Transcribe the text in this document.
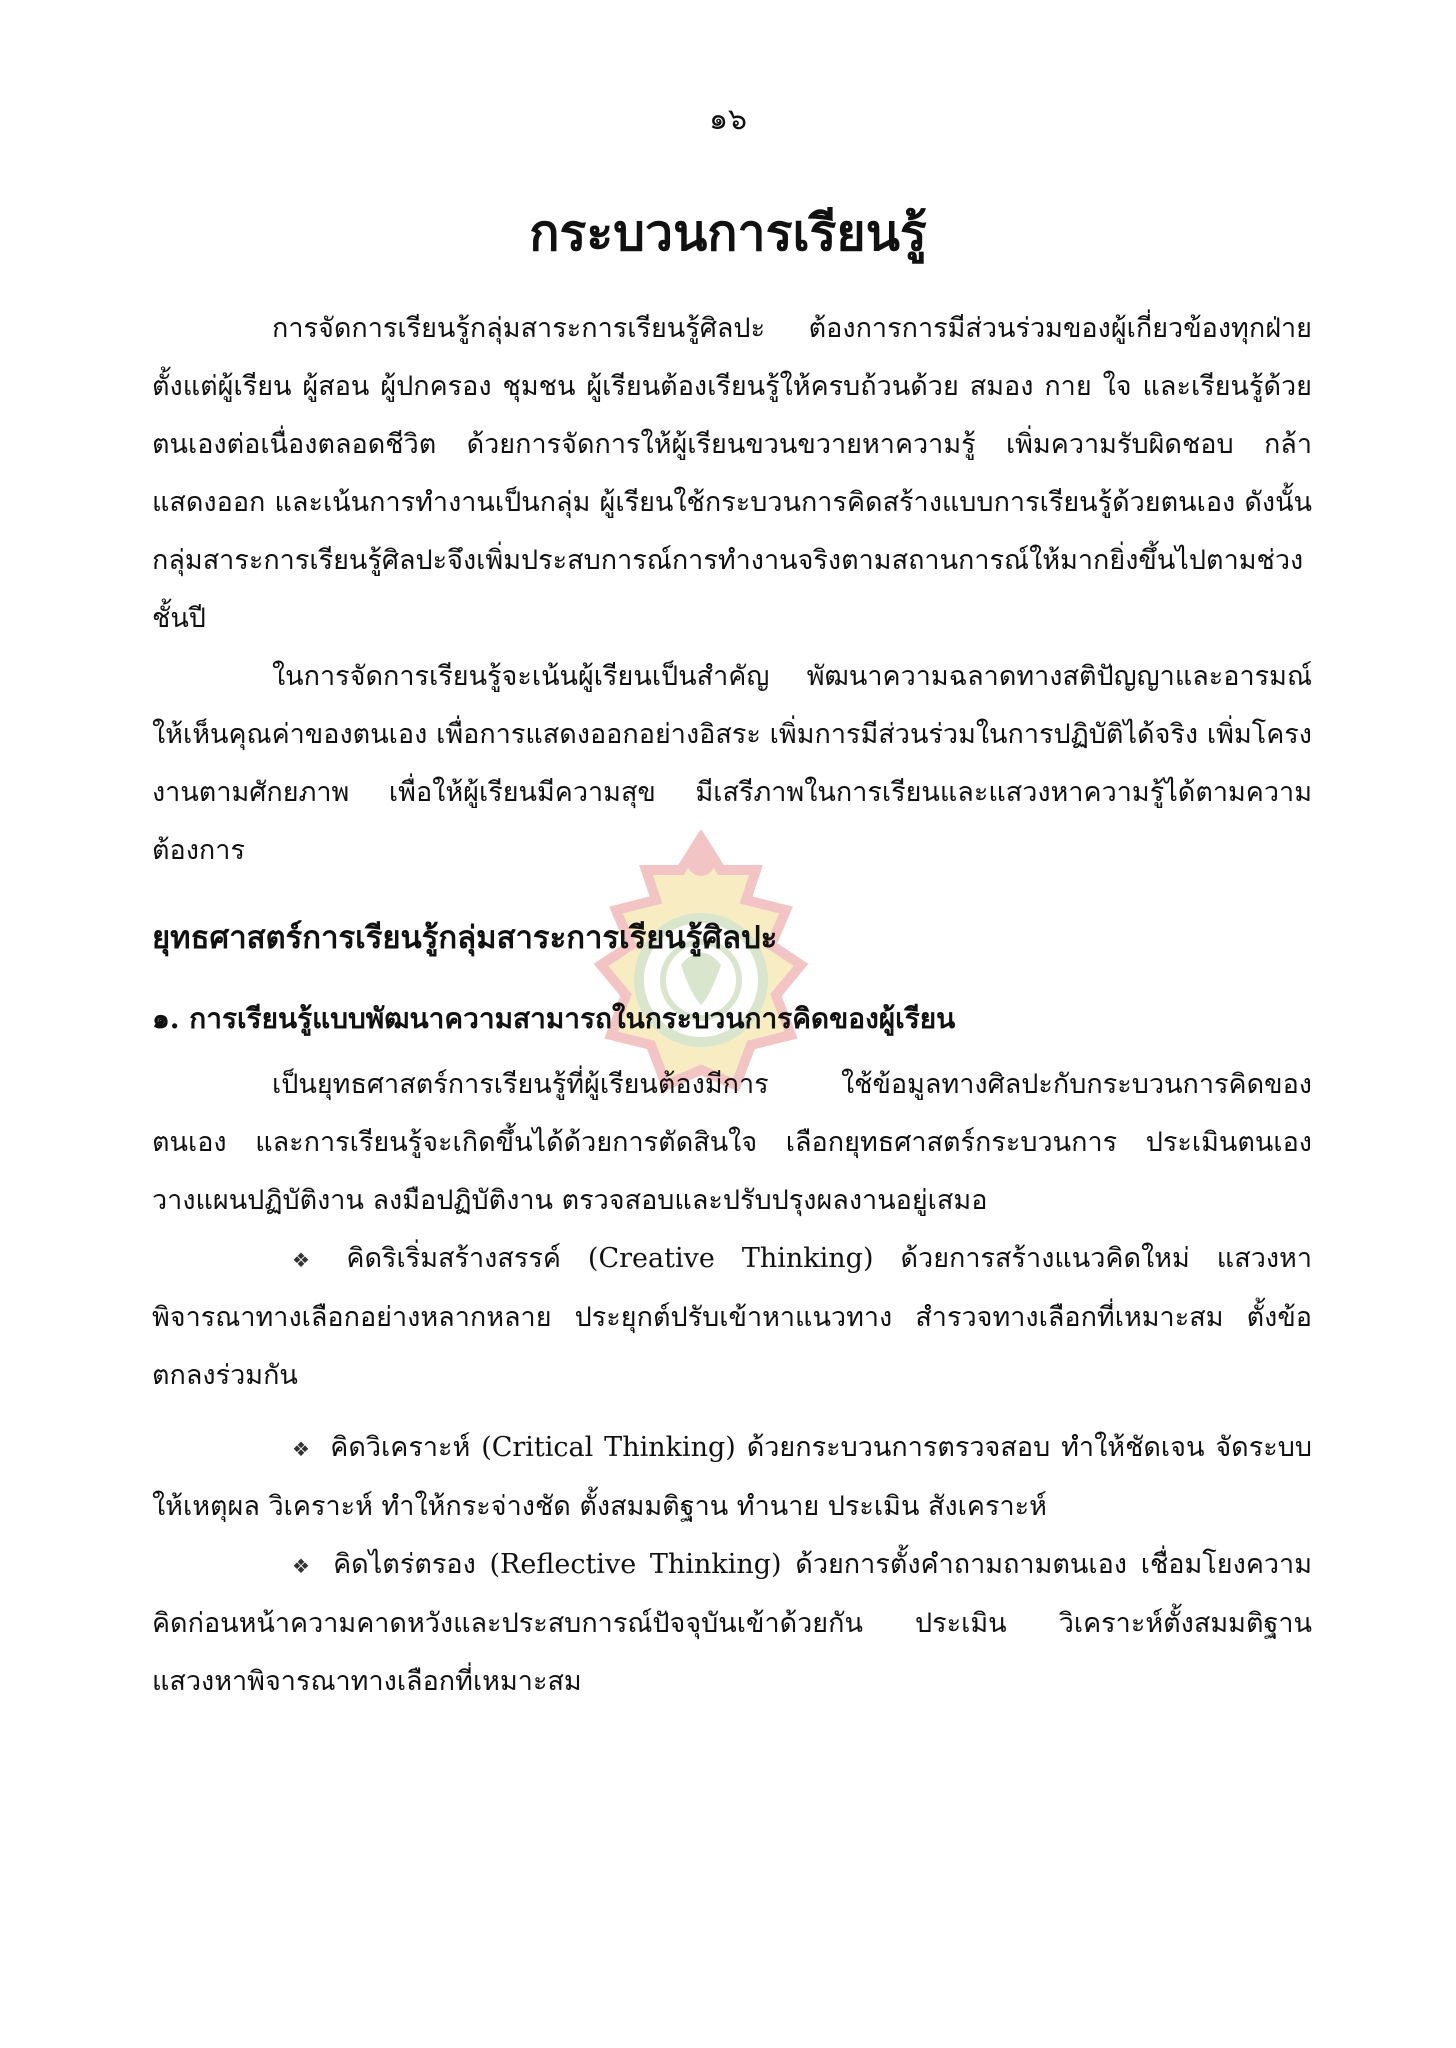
๑๖
กระบวนการเรียนรู้

การจัดการเรียนรู้กลุ่มสาระการเรียนรู้ศิลปะ ต้องการการมีส่วนร่วมของผู้เกี่ยวข้องทุกฝ่าย ตั้งแต่ผู้เรียน ผู้สอน ผู้ปกครอง ชุมชน ผู้เรียนต้องเรียนรู้ให้ครบถ้วนด้วย สมอง กาย ใจ และเรียนรู้ด้วยตนเองต่อเนื่องตลอดชีวิต ด้วยการจัดการให้ผู้เรียนขวนขวายหาความรู้ เพิ่มความรับผิดชอบ กล้าแสดงออก และเน้นการทำงานเป็นกลุ่ม ผู้เรียนใช้กระบวนการคิดสร้างแบบการเรียนรู้ด้วยตนเอง ดังนั้นกลุ่มสาระการเรียนรู้ศิลปะจึงเพิ่มประสบการณ์การทำงานจริงตามสถานการณ์ให้มากยิ่งขึ้นไปตามช่วงชั้นปี

ในการจัดการเรียนรู้จะเน้นผู้เรียนเป็นสำคัญ พัฒนาความฉลาดทางสติปัญญาและอารมณ์ ให้เห็นคุณค่าของตนเอง เพื่อการแสดงออกอย่างอิสระ เพิ่มการมีส่วนร่วมในการปฏิบัติได้จริง เพิ่มโครงงานตามศักยภาพ เพื่อให้ผู้เรียนมีความสุข มีเสรีภาพในการเรียนและแสวงหาความรู้ได้ตามความต้องการ

ยุทธศาสตร์การเรียนรู้กลุ่มสาระการเรียนรู้ศิลปะ

๑. การเรียนรู้แบบพัฒนาความสามารถในกระบวนการคิดของผู้เรียน

เป็นยุทธศาสตร์การเรียนรู้ที่ผู้เรียนต้องมีการ ใช้ข้อมูลทางศิลปะกับกระบวนการคิดของตนเอง และการเรียนรู้จะเกิดขึ้นได้ด้วยการตัดสินใจ เลือกยุทธศาสตร์กระบวนการ ประเมินตนเอง วางแผนปฏิบัติงาน ลงมือปฏิบัติงาน ตรวจสอบและปรับปรุงผลงานอยู่เสมอ

❖ คิดริเริ่มสร้างสรรค์ (Creative Thinking) ด้วยการสร้างแนวคิดใหม่ แสวงหาพิจารณาทางเลือกอย่างหลากหลาย ประยุกต์ปรับเข้าหาแนวทาง สำรวจทางเลือกที่เหมาะสม ตั้งข้อตกลงร่วมกัน

❖ คิดวิเคราะห์ (Critical Thinking) ด้วยกระบวนการตรวจสอบ ทำให้ชัดเจน จัดระบบ ให้เหตุผล วิเคราะห์ ทำให้กระจ่างชัด ตั้งสมมติฐาน ทำนาย ประเมิน สังเคราะห์

❖ คิดไตร่ตรอง (Reflective Thinking) ด้วยการตั้งคำถามถามตนเอง เชื่อมโยงความคิดก่อนหน้าความคาดหวังและประสบการณ์ปัจจุบันเข้าด้วยกัน ประเมิน วิเคราะห์ตั้งสมมติฐาน แสวงหาพิจารณาทางเลือกที่เหมาะสม
